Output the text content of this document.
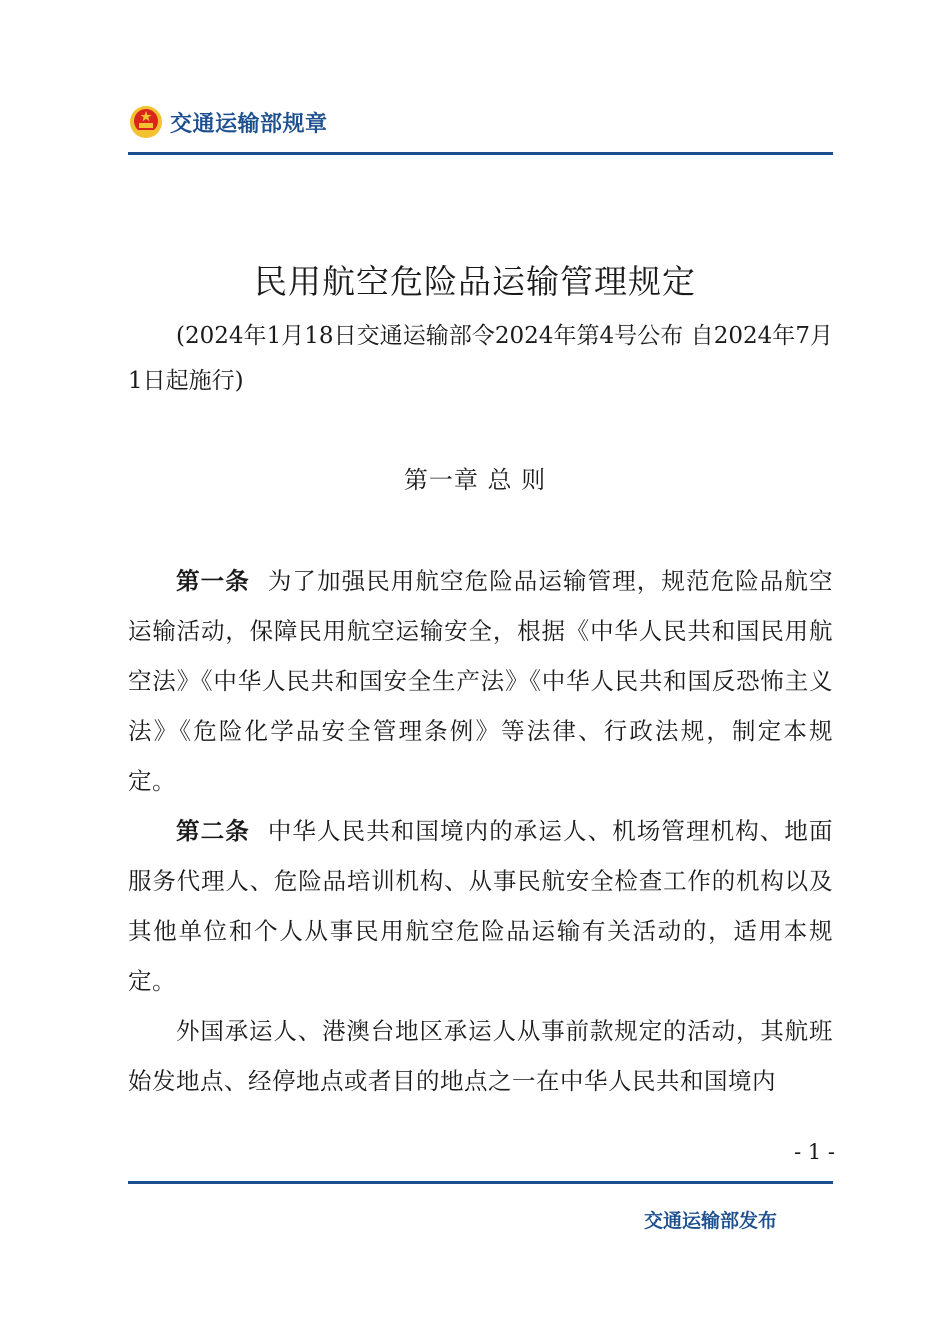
交通运输部规章
民用航空危险品运输管理规定
(2024年1月18日交通运输部令2024年第4号公布 自2024年7月1日起施行)
第一章 总 则

第一条 为了加强民用航空危险品运输管理，规范危险品航空运输活动，保障民用航空运输安全，根据《中华人民共和国民用航空法》《中华人民共和国安全生产法》《中华人民共和国反恐怖主义法》《危险化学品安全管理条例》等法律、行政法规，制定本规定。

第二条 中华人民共和国境内的承运人、机场管理机构、地面服务代理人、危险品培训机构、从事民航安全检查工作的机构以及其他单位和个人从事民用航空危险品运输有关活动的，适用本规定。

外国承运人、港澳台地区承运人从事前款规定的活动，其航班始发地点、经停地点或者目的地点之一在中华人民共和国境内

- 1 -
交通运输部发布
